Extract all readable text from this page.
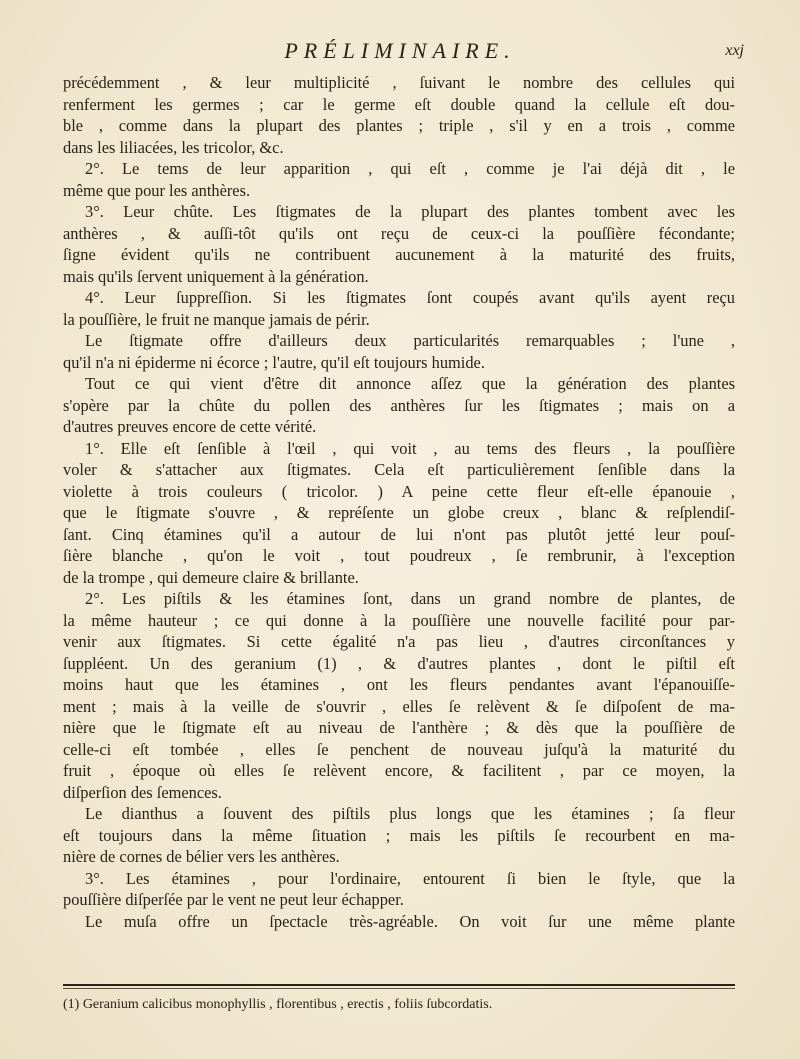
PRÉLIMINAIRE.	xxj
précédemment , & leur multiplicité , ſuivant le nombre des cellules qui
renferment les germes ; car le germe eſt double quand la cellule eſt dou-
ble , comme dans la plupart des plantes ; triple , s'il y en a trois , comme
dans les liliacées, les tricolor, &c.
2°. Le tems de leur apparition , qui eſt , comme je l'ai déjà dit , le
même que pour les anthères.
3°. Leur chûte. Les ſtigmates de la plupart des plantes tombent avec les
anthères , & auſſi-tôt qu'ils ont reçu de ceux-ci la pouſſière fécondante;
ſigne évident qu'ils ne contribuent aucunement à la maturité des fruits,
mais qu'ils ſervent uniquement à la génération.
4°. Leur ſuppreſſion. Si les ſtigmates ſont coupés avant qu'ils ayent reçu
la pouſſière, le fruit ne manque jamais de périr.
Le ſtigmate offre d'ailleurs deux particularités remarquables ; l'une ,
qu'il n'a ni épiderme ni écorce ; l'autre, qu'il eſt toujours humide.
Tout ce qui vient d'être dit annonce aſſez que la génération des plantes
s'opère par la chûte du pollen des anthères ſur les ſtigmates ; mais on a
d'autres preuves encore de cette vérité.
1°. Elle eſt ſenſible à l'œil , qui voit , au tems des fleurs , la pouſſière
voler & s'attacher aux ſtigmates. Cela eſt particulièrement ſenſible dans la
violette à trois couleurs ( tricolor. ) A peine cette fleur eſt-elle épanouie ,
que le ſtigmate s'ouvre , & repréſente un globe creux , blanc & reſplendiſ-
ſant. Cinq étamines qu'il a autour de lui n'ont pas plutôt jetté leur pouſ-
ſière blanche , qu'on le voit , tout poudreux , ſe rembrunir, à l'exception
de la trompe , qui demeure claire & brillante.
2°. Les piſtils & les étamines ſont, dans un grand nombre de plantes, de
la même hauteur ; ce qui donne à la pouſſière une nouvelle facilité pour par-
venir aux ſtigmates. Si cette égalité n'a pas lieu , d'autres circonſtances y
ſuppléent. Un des geranium (1) , & d'autres plantes , dont le piſtil eſt
moins haut que les étamines , ont les fleurs pendantes avant l'épanouiſſe-
ment ; mais à la veille de s'ouvrir , elles ſe relèvent & ſe diſpoſent de ma-
nière que le ſtigmate eſt au niveau de l'anthère ; & dès que la pouſſière de
celle-ci eſt tombée , elles ſe penchent de nouveau juſqu'à la maturité du
fruit , époque où elles ſe relèvent encore, & facilitent , par ce moyen, la
diſperſion des ſemences.
Le dianthus a ſouvent des piſtils plus longs que les étamines ; ſa fleur
eſt toujours dans la même ſituation ; mais les piſtils ſe recourbent en ma-
nière de cornes de bélier vers les anthères.
3°. Les étamines , pour l'ordinaire, entourent ſi bien le ſtyle, que la
pouſſière diſperſée par le vent ne peut leur échapper.
Le muſa offre un ſpectacle très-agréable. On voit ſur une même plante
(1) Geranium calicibus monophyllis , florentibus , erectis , foliis ſubcordatis.
